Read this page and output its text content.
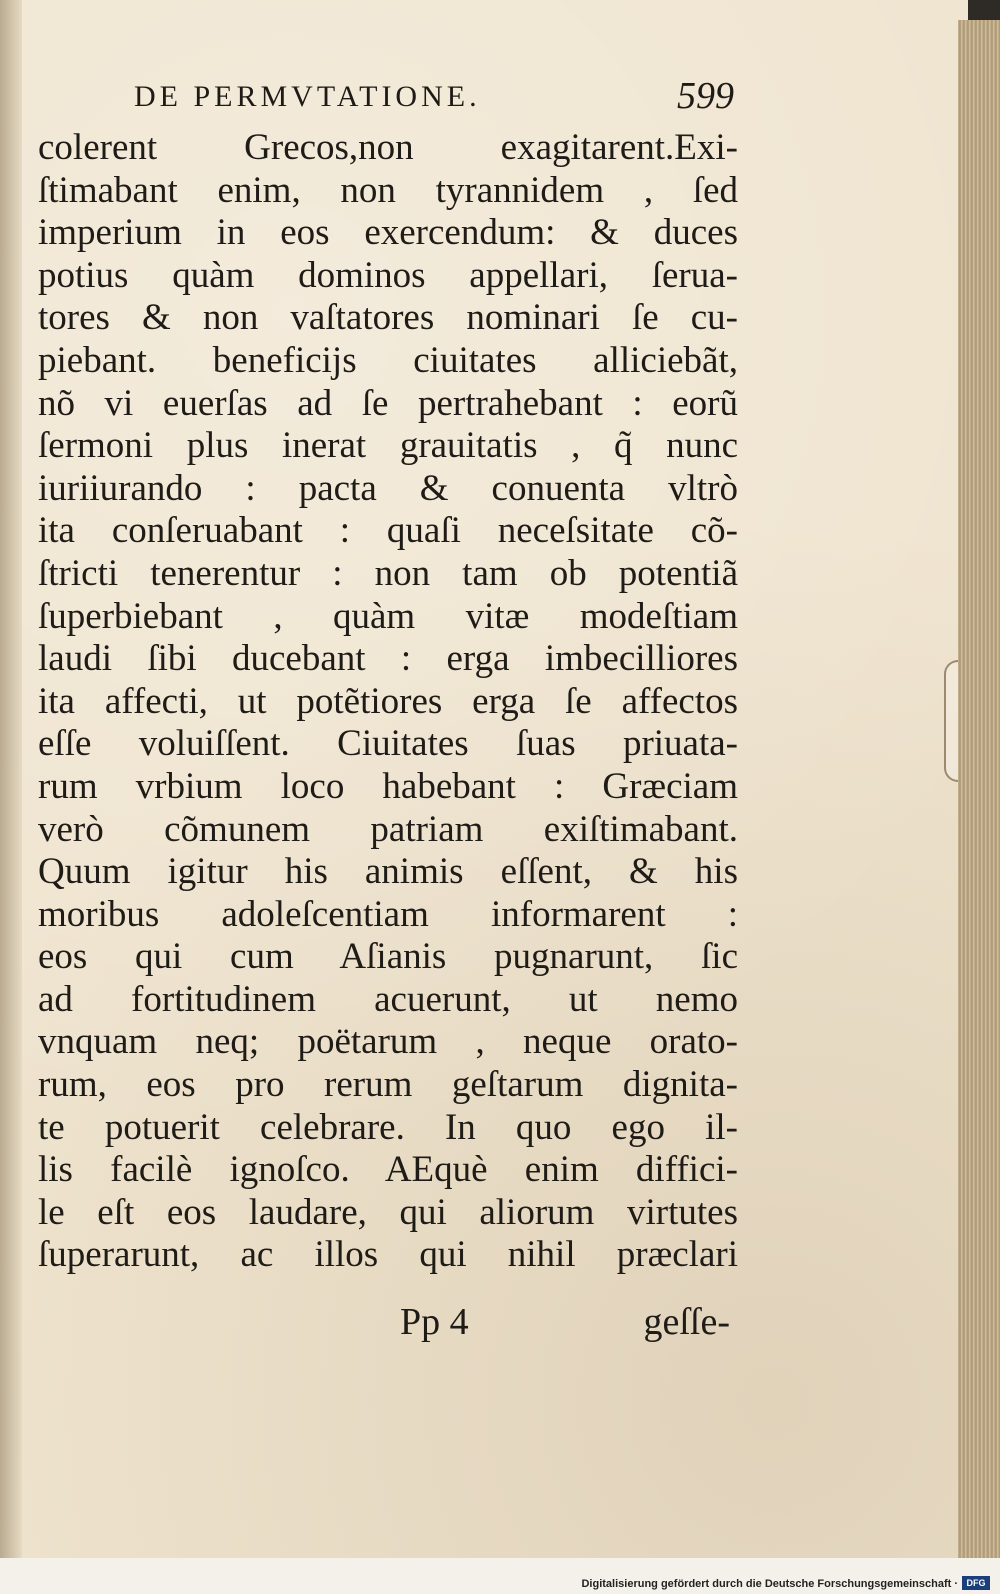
DE PERMVTATIONE.	599
colerent Grecos,non exagitarent.Exi-
ſtimabant enim, non tyrannidem , ſed
imperium in eos exercendum: & duces
potius quàm dominos appellari, ſerua-
tores & non vaſtatores nominari ſe cu-
piebant. beneficijs ciuitates alliciebãt,
nõ vi euerſas ad ſe pertrahebant : eorũ
ſermoni plus inerat grauitatis , q̃ nunc
iuriiurando : pacta & conuenta vltrò
ita conſeruabant : quaſi neceſsitate cõ-
ſtricti tenerentur : non tam ob potentiã
ſuperbiebant , quàm vitæ modeſtiam
laudi ſibi ducebant : erga imbecilliores
ita affecti, ut potẽtiores erga ſe affectos
eſſe voluiſſent. Ciuitates ſuas priuata-
rum vrbium loco habebant : Græciam
verò cõmunem patriam exiſtimabant.
Quum igitur his animis eſſent, & his
moribus adoleſcentiam informarent :
eos qui cum Aſianis pugnarunt, ſic
ad fortitudinem acuerunt, ut nemo
vnquam neq; poëtarum , neque orato-
rum, eos pro rerum geſtarum dignita-
te potuerit celebrare. In quo ego il-
lis facilè ignoſco. AEquè enim diffici-
le eſt eos laudare, qui aliorum virtutes
ſuperarunt, ac illos qui nihil præclari
Pp 4	geſſe-
Digitalisierung gefördert durch die Deutsche Forschungsgemeinschaft · DFG
